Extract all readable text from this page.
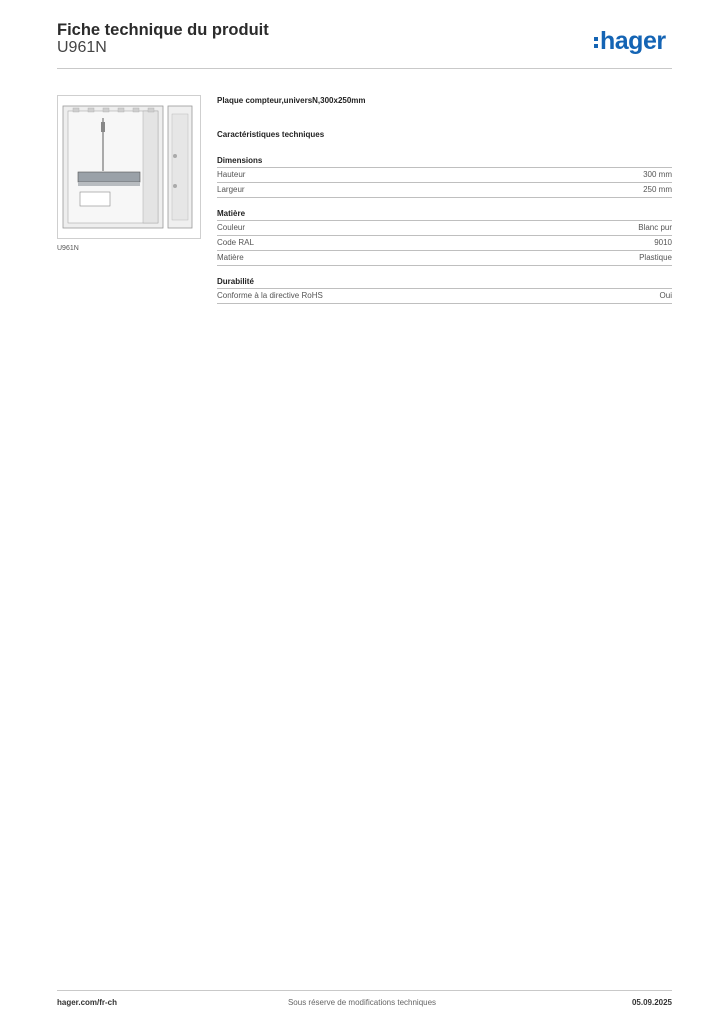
Fiche technique du produit
U961N	hager
U961N
Plaque compteur,universN,300x250mm
Caractéristiques techniques
Dimensions
Hauteur	300 mm
Largeur	250 mm
Matière
Couleur	Blanc pur
Code RAL	9010
Matière	Plastique
Durabilité
Conforme à la directive RoHS	Oui
Sous réserve de modifications techniques
hager.com/fr-ch	05.09.2025
